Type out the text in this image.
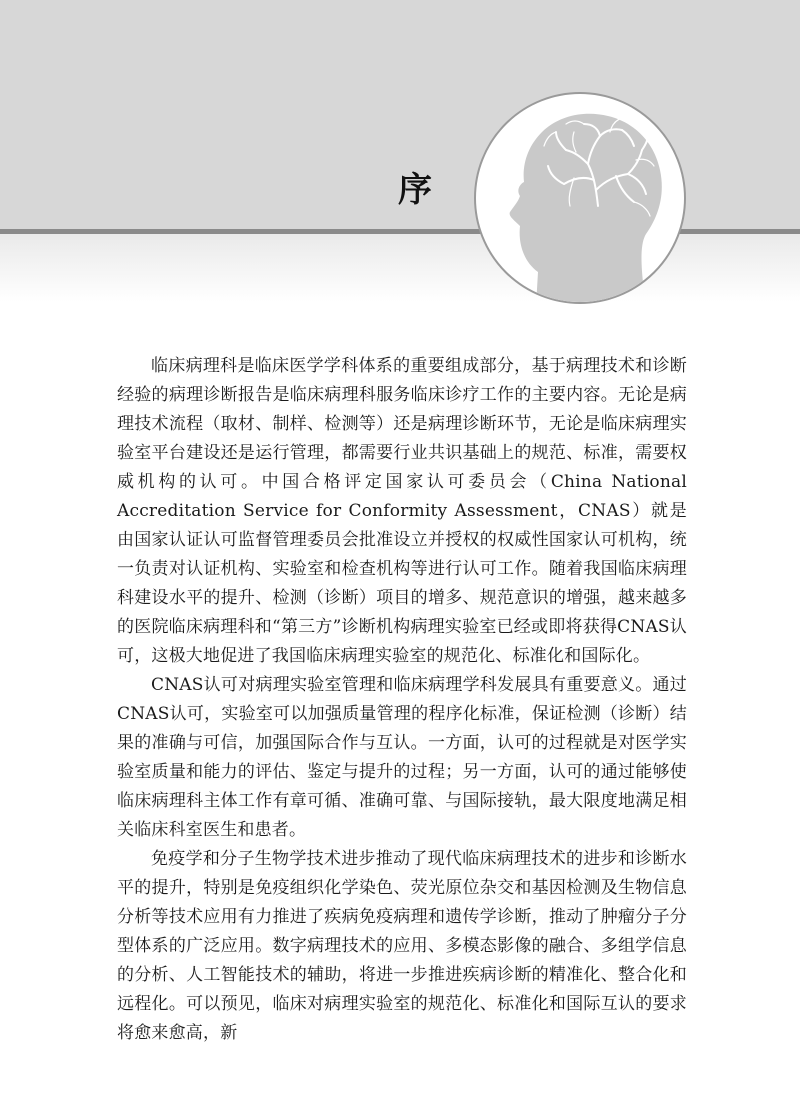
序

临床病理科是临床医学学科体系的重要组成部分，基于病理技术和诊断经验的病理诊断报告是临床病理科服务临床诊疗工作的主要内容。无论是病理技术流程（取材、制样、检测等）还是病理诊断环节，无论是临床病理实验室平台建设还是运行管理，都需要行业共识基础上的规范、标准，需要权威机构的认可。中国合格评定国家认可委员会（China National Accreditation Service for Conformity Assessment，CNAS）就是由国家认证认可监督管理委员会批准设立并授权的权威性国家认可机构，统一负责对认证机构、实验室和检查机构等进行认可工作。随着我国临床病理科建设水平的提升、检测（诊断）项目的增多、规范意识的增强，越来越多的医院临床病理科和“第三方”诊断机构病理实验室已经或即将获得CNAS认可，这极大地促进了我国临床病理实验室的规范化、标准化和国际化。

CNAS认可对病理实验室管理和临床病理学科发展具有重要意义。通过CNAS认可，实验室可以加强质量管理的程序化标准，保证检测（诊断）结果的准确与可信，加强国际合作与互认。一方面，认可的过程就是对医学实验室质量和能力的评估、鉴定与提升的过程；另一方面，认可的通过能够使临床病理科主体工作有章可循、准确可靠、与国际接轨，最大限度地满足相关临床科室医生和患者。

免疫学和分子生物学技术进步推动了现代临床病理技术的进步和诊断水平的提升，特别是免疫组织化学染色、荧光原位杂交和基因检测及生物信息分析等技术应用有力推进了疾病免疫病理和遗传学诊断，推动了肿瘤分子分型体系的广泛应用。数字病理技术的应用、多模态影像的融合、多组学信息的分析、人工智能技术的辅助，将进一步推进疾病诊断的精准化、整合化和远程化。可以预见，临床对病理实验室的规范化、标准化和国际互认的要求将愈来愈高，新
